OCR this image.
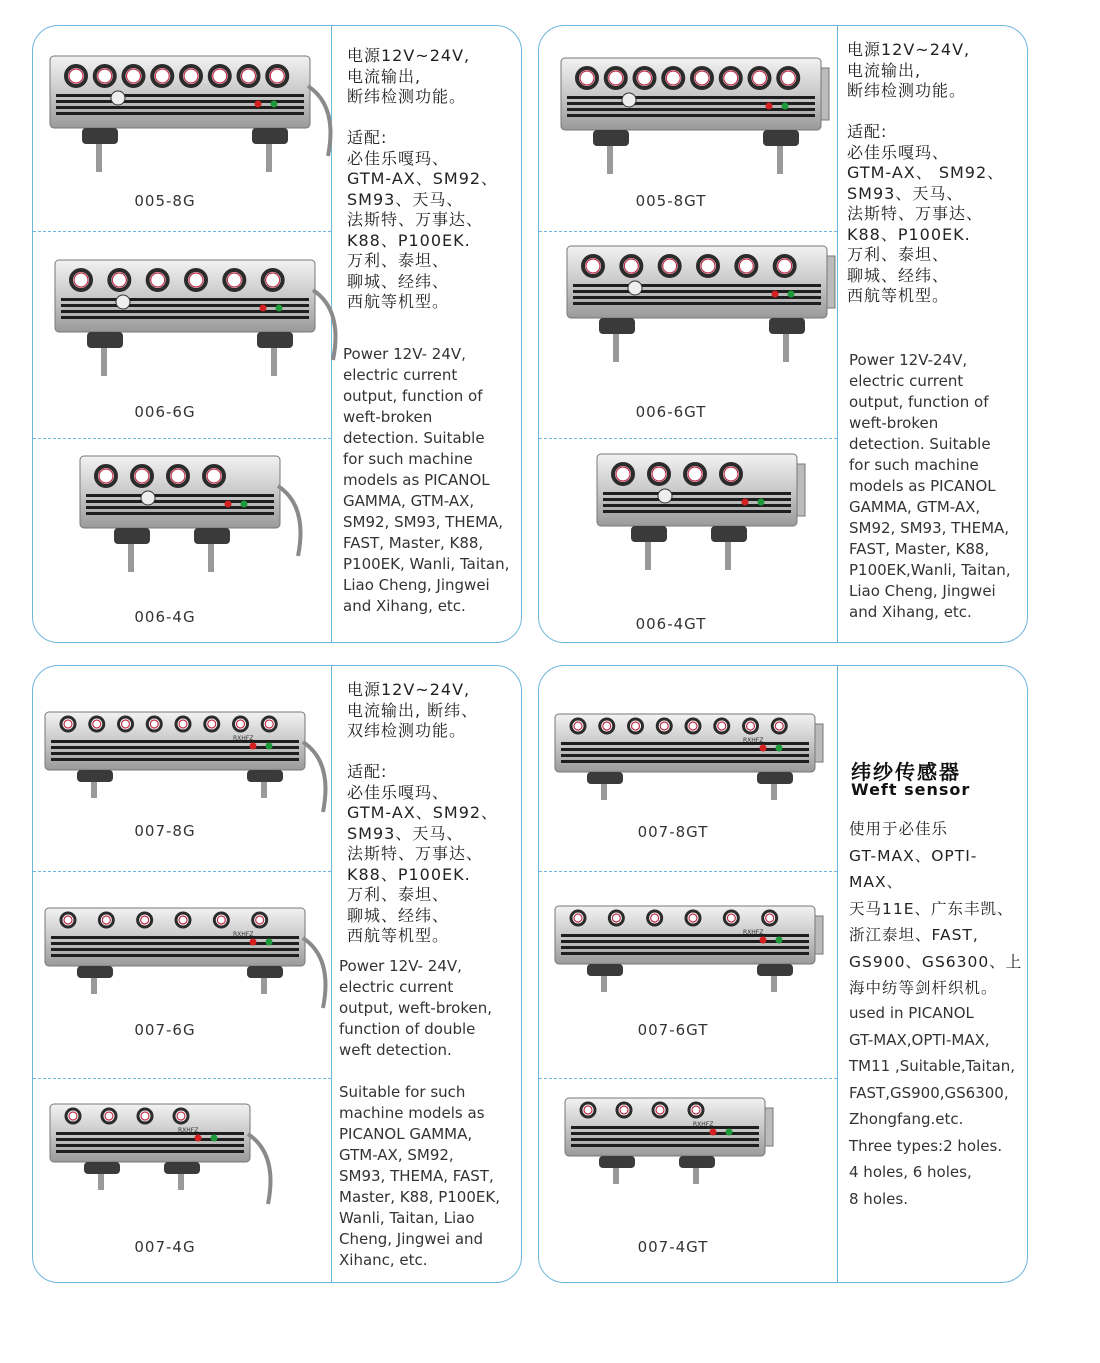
005-8G
006-6G
006-4G
电源12V~24V,
电流输出,
断纬检测功能。

适配:
必佳乐嘎玛、
GTM-AX、SM92、
SM93、天马、
法斯特、万事达、
K88、P100EK.
万利、泰坦、
聊城、经纬、
西航等机型。
Power 12V- 24V,
electric current
output, function of
weft-broken
detection. Suitable
for such machine
models as PICANOL
GAMMA, GTM-AX,
SM92, SM93, THEMA,
FAST, Master, K88,
P100EK, Wanli, Taitan,
Liao Cheng, Jingwei
and Xihang, etc.
005-8GT
006-6GT
006-4GT
电源12V~24V,
电流输出,
断纬检测功能。

适配:
必佳乐嘎玛、
GTM-AX、 SM92、
SM93、天马、
法斯特、万事达、
K88、P100EK.
万利、泰坦、
聊城、经纬、
西航等机型。
Power 12V-24V,
electric current
output, function of
weft-broken
detection. Suitable
for such machine
models as PICANOL
GAMMA, GTM-AX,
SM92, SM93, THEMA,
FAST, Master, K88,
P100EK,Wanli, Taitan,
Liao Cheng, Jingwei
and Xihang, etc.
RXHFZ
007-8G
RXHFZ
007-6G
RXHFZ
007-4G
电源12V~24V,
电流输出, 断纬、
双纬检测功能。

适配:
必佳乐嘎玛、
GTM-AX、SM92、
SM93、天马、
法斯特、万事达、
K88、P100EK.
万利、泰坦、
聊城、经纬、
西航等机型。
Power 12V- 24V,
electric current
output, weft-broken,
function of double
weft detection.

Suitable for such
machine models as
PICANOL GAMMA,
GTM-AX, SM92,
SM93, THEMA, FAST,
Master, K88, P100EK,
Wanli, Taitan, Liao
Cheng, Jingwei and
Xihanc, etc.
RXHFZ
007-8GT
RXHFZ
007-6GT
RXHFZ
007-4GT
纬纱传感器
Weft sensor
使用于必佳乐
GT-MAX、OPTI-MAX、
天马11E、广东丰凯、
浙江泰坦、FAST,
GS900、GS6300、上
海中纺等剑杆织机。
used in PICANOL
GT-MAX,OPTI-MAX,
TM11 ,Suitable,Taitan,
FAST,GS900,GS6300,
Zhongfang.etc.
Three types:2 holes.
4 holes, 6 holes,
8 holes.
